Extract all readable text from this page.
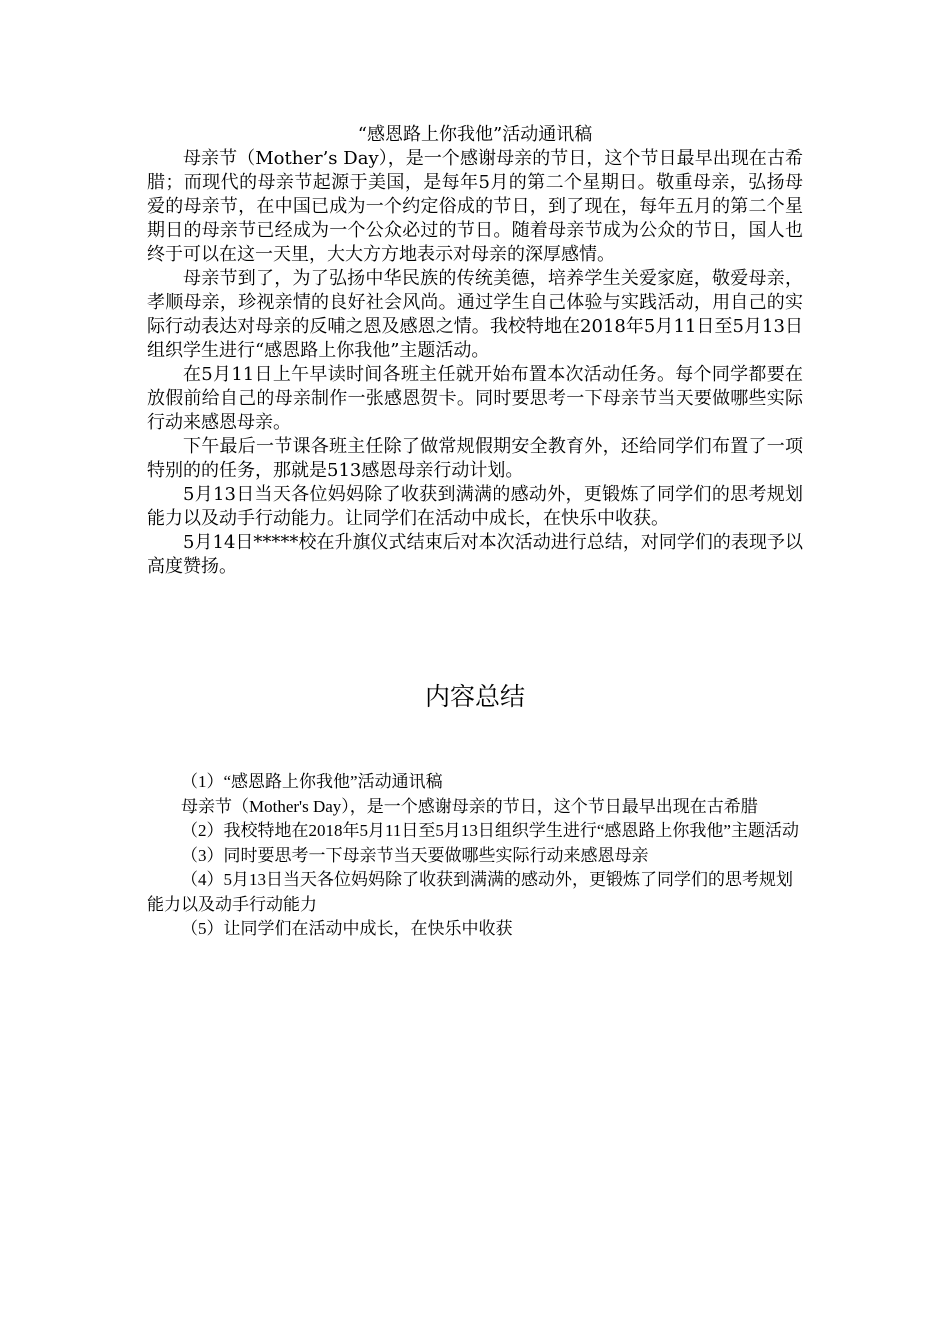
“感恩路上你我他”活动通讯稿

母亲节（Mother’s Day），是一个感谢母亲的节日，这个节日最早出现在古希腊；而现代的母亲节起源于美国，是每年5月的第二个星期日。敬重母亲，弘扬母爱的母亲节，在中国已成为一个约定俗成的节日，到了现在，每年五月的第二个星期日的母亲节已经成为一个公众必过的节日。随着母亲节成为公众的节日，国人也终于可以在这一天里，大大方方地表示对母亲的深厚感情。

母亲节到了，为了弘扬中华民族的传统美德，培养学生关爱家庭，敬爱母亲，孝顺母亲，珍视亲情的良好社会风尚。通过学生自己体验与实践活动，用自己的实际行动表达对母亲的反哺之恩及感恩之情。我校特地在2018年5月11日至5月13日组织学生进行“感恩路上你我他”主题活动。

在5月11日上午早读时间各班主任就开始布置本次活动任务。每个同学都要在放假前给自己的母亲制作一张感恩贺卡。同时要思考一下母亲节当天要做哪些实际行动来感恩母亲。

下午最后一节课各班主任除了做常规假期安全教育外，还给同学们布置了一项特别的的任务，那就是513感恩母亲行动计划。

5月13日当天各位妈妈除了收获到满满的感动外，更锻炼了同学们的思考规划能力以及动手行动能力。让同学们在活动中成长，在快乐中收获。

5月14日*****校在升旗仪式结束后对本次活动进行总结，对同学们的表现予以高度赞扬。

内容总结

（1）“感恩路上你我他”活动通讯稿

母亲节（Mother's Day），是一个感谢母亲的节日，这个节日最早出现在古希腊

（2）我校特地在2018年5月11日至5月13日组织学生进行“感恩路上你我他”主题活动

（3）同时要思考一下母亲节当天要做哪些实际行动来感恩母亲

（4）5月13日当天各位妈妈除了收获到满满的感动外，更锻炼了同学们的思考规划能力以及动手行动能力

（5）让同学们在活动中成长，在快乐中收获
